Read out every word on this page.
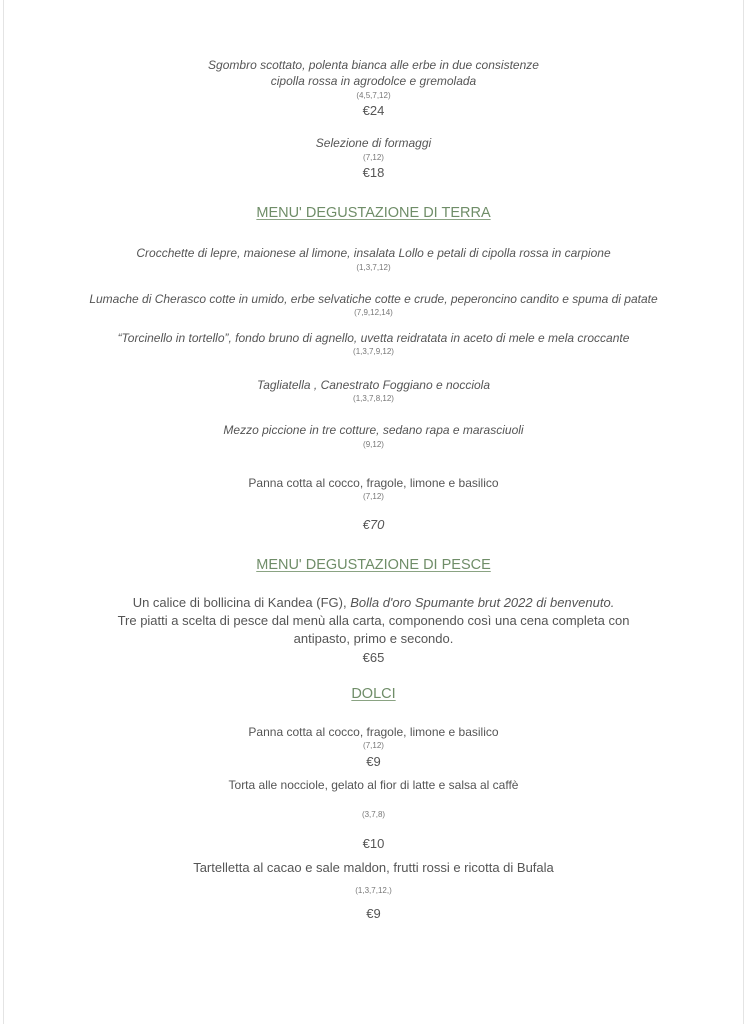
Sgombro scottato, polenta bianca alle erbe in due consistenze
cipolla rossa in agrodolce e gremolada
(4,5,7,12)
€24
Selezione di formaggi
(7,12)
€18
MENU' DEGUSTAZIONE DI TERRA
Crocchette di lepre, maionese al limone, insalata Lollo e petali di cipolla rossa in carpione
(1,3,7,12)
Lumache di Cherasco cotte in umido, erbe selvatiche cotte e crude, peperoncino candito e spuma di patate
(7,9,12,14)
“Torcinello in tortello”, fondo bruno di agnello, uvetta reidratata in aceto di mele e mela croccante
(1,3,7,9,12)
Tagliatella , Canestrato Foggiano e nocciola
(1,3,7,8,12)
Mezzo piccione in tre cotture, sedano rapa e marasciuoli
(9,12)
Panna cotta al cocco, fragole, limone e basilico
(7,12)
€70
MENU' DEGUSTAZIONE DI PESCE
Un calice di bollicina di Kandea (FG), Bolla d'oro Spumante brut 2022 di benvenuto.
Tre piatti a scelta di pesce dal menù alla carta, componendo così una cena completa con
antipasto, primo e secondo.
€65
DOLCI
Panna cotta al cocco, fragole, limone e basilico
(7,12)
€9
Torta alle nocciole, gelato al fior di latte e salsa al caffè
(3,7,8)
€10
Tartelletta al cacao e sale maldon, frutti rossi e ricotta di Bufala
(1,3,7,12,)
€9
